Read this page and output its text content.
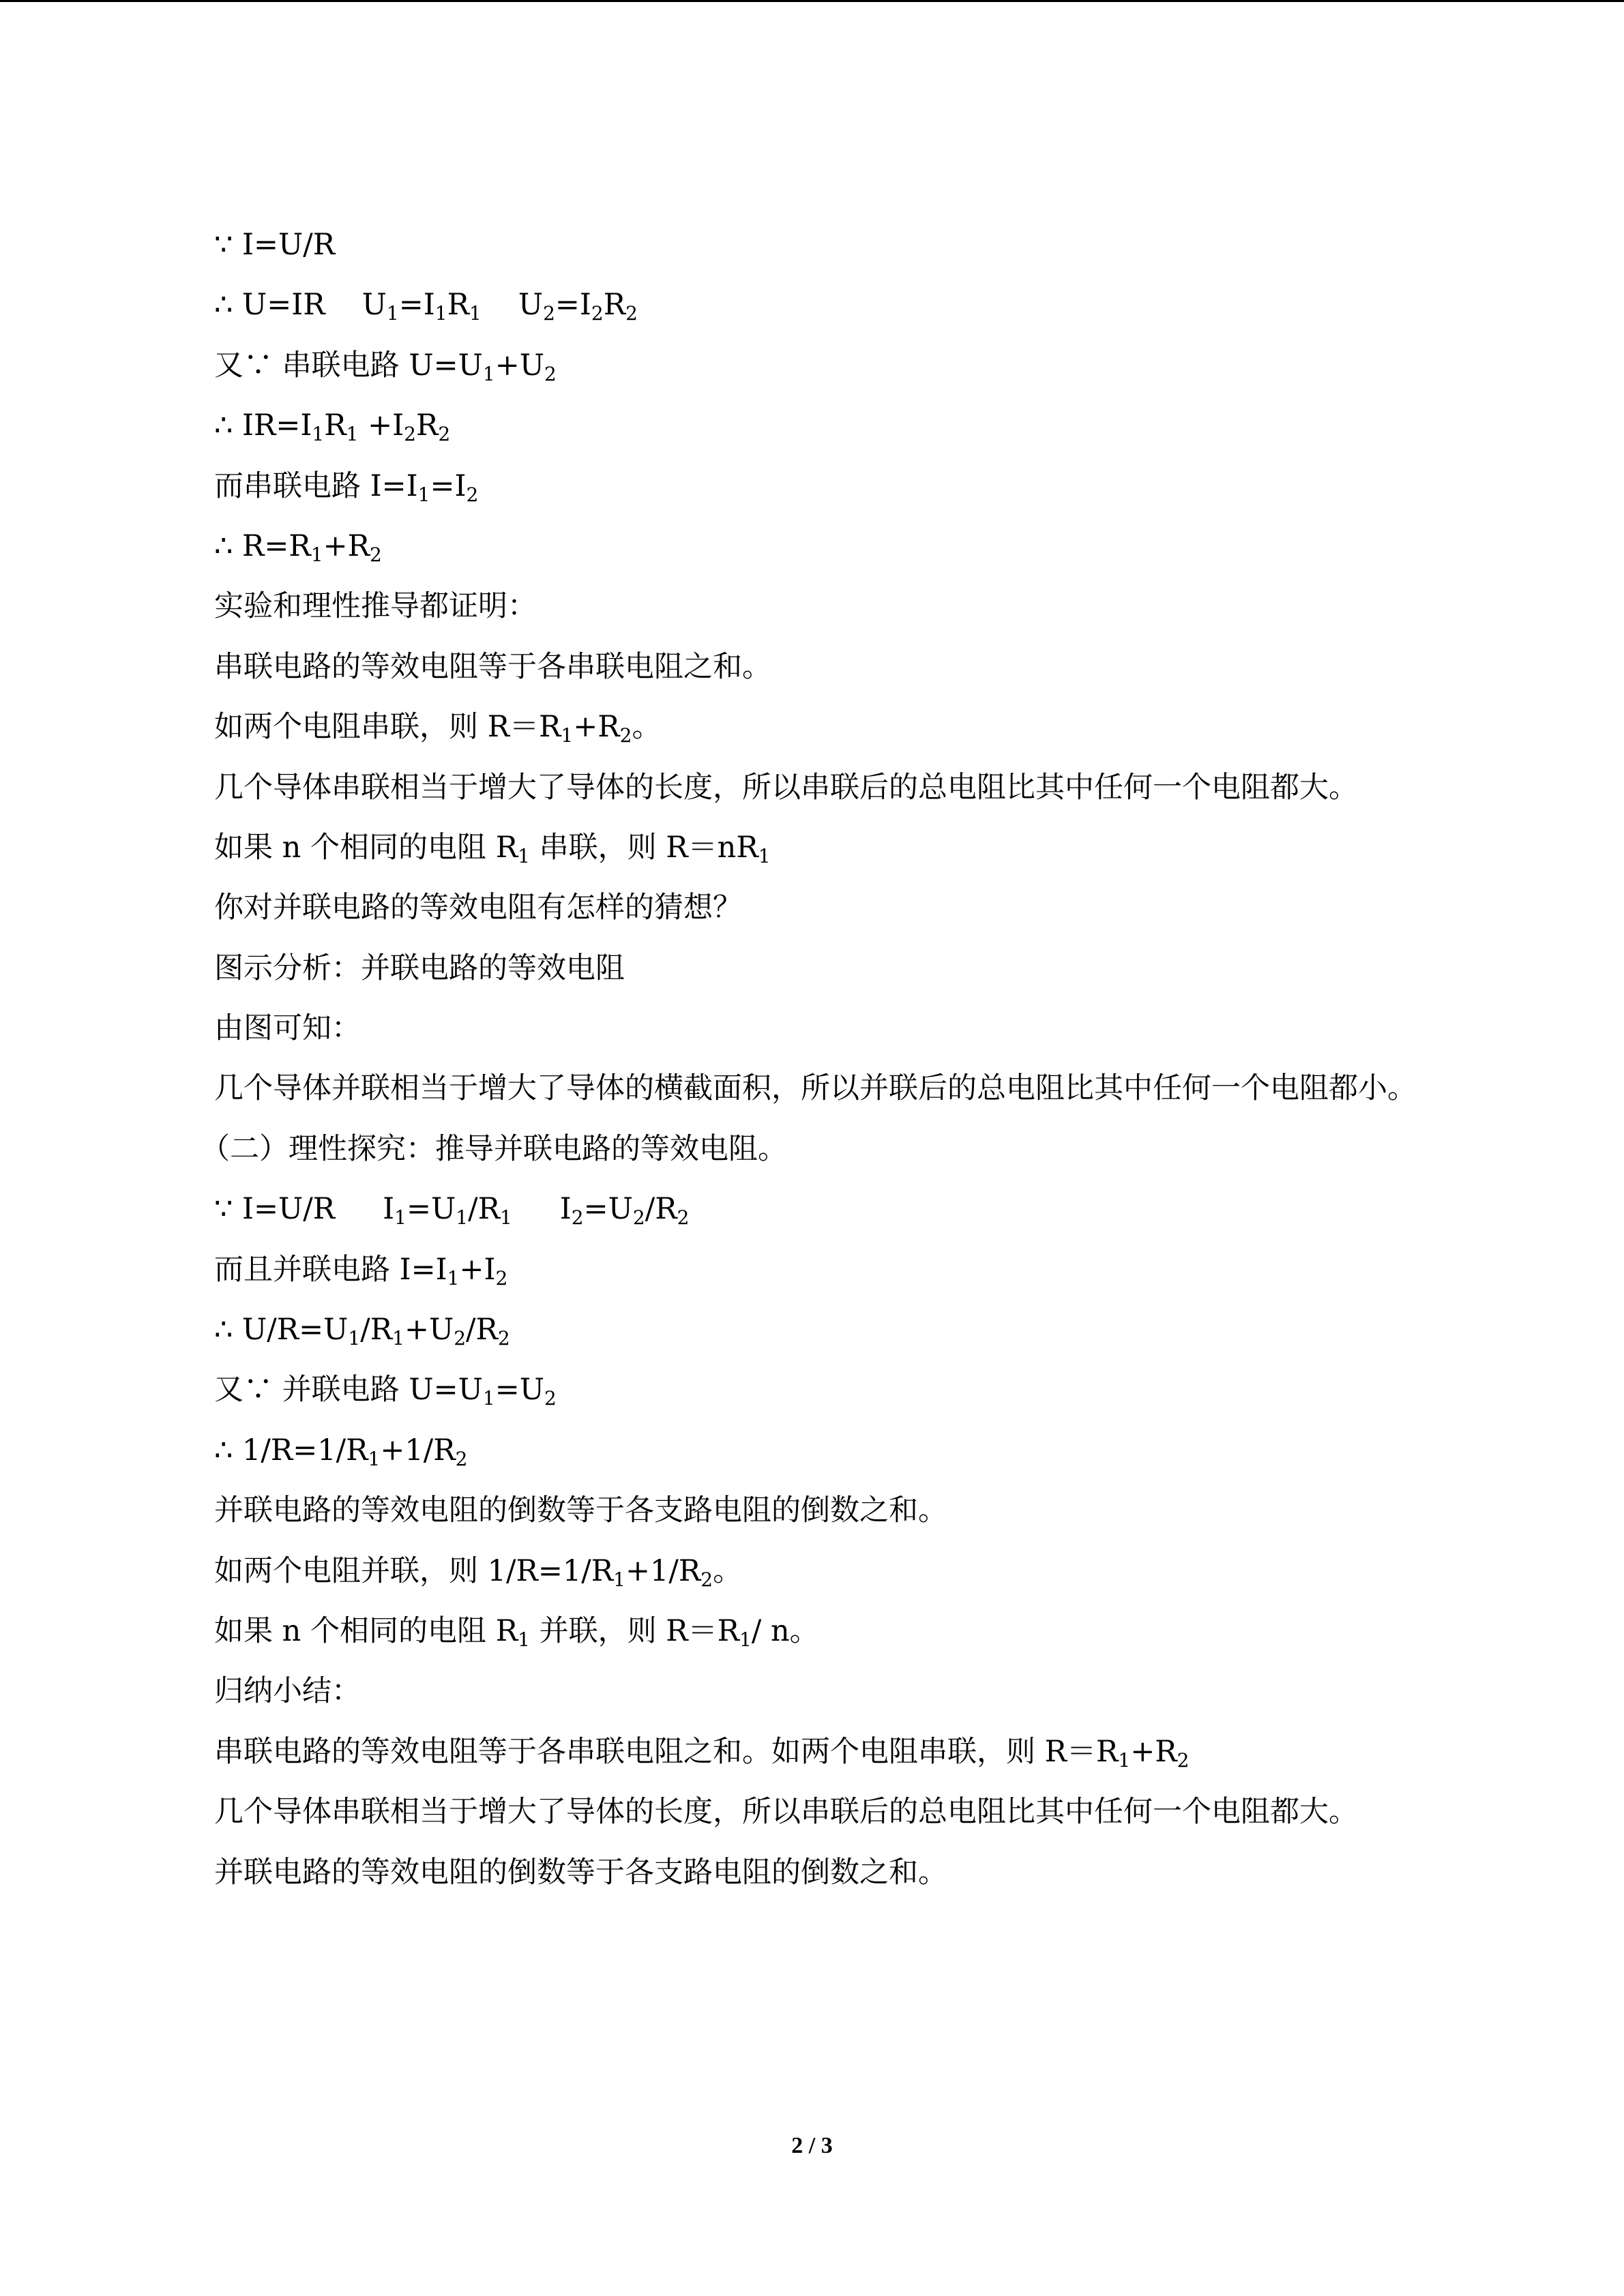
∵ I=U/R

∴ U=IR $U_1=I_1R_1$ $U_2=I_2R_2$

又∵ 串联电路 $U=U_1+U_2$

∴ $IR=I_1R_1 +I_2R_2$

而串联电路 $I=I_1=I_2$

∴ $R=R_1+R_2$

实验和理性推导都证明：

串联电路的等效电阻等于各串联电阻之和。

如两个电阻串联，则 $R=R_1+R_2$。

几个导体串联相当于增大了导体的长度，所以串联后的总电阻比其中任何一个电阻都大。

如果 n 个相同的电阻 $R_1$ 串联，则 $R=nR_1$

你对并联电路的等效电阻有怎样的猜想？

图示分析：并联电路的等效电阻

由图可知：

几个导体并联相当于增大了导体的横截面积，所以并联后的总电阻比其中任何一个电阻都小。

（二）理性探究：推导并联电路的等效电阻。

∵ I=U/R $I_1=U_1/R_1$ $I_2=U_2/R_2$

而且并联电路 $I=I_1+I_2$

∴ $U/R=U_1/R_1+U_2/R_2$

又∵ 并联电路 $U=U_1=U_2$

∴ $1/R=1/R_1+1/R_2$

并联电路的等效电阻的倒数等于各支路电阻的倒数之和。

如两个电阻并联，则 $1/R=1/R_1+1/R_2$。

如果 n 个相同的电阻 $R_1$ 并联，则 $R=R_1/$ n。

归纳小结：

串联电路的等效电阻等于各串联电阻之和。如两个电阻串联，则 $R=R_1+R_2$

几个导体串联相当于增大了导体的长度，所以串联后的总电阻比其中任何一个电阻都大。

并联电路的等效电阻的倒数等于各支路电阻的倒数之和。

2 / 3
